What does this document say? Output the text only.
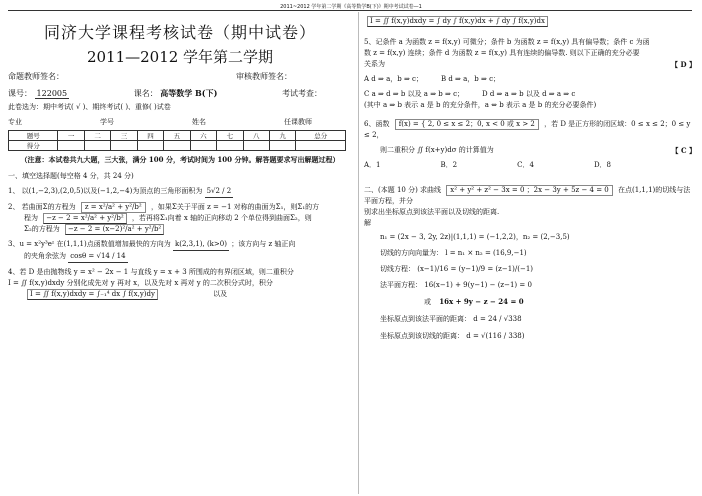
2011~2012 学年第二学期《高等数学B(下)》期中考试试卷—1
同济大学课程考核试卷（期中试卷）
2011—2012 学年第二学期
命题教师签名：	审核教师签名：
课号： 122005	课名： 高等数学 B(下)	考试考查：
此卷选为：期中考试( √ )、期终考试( )、重修( )试卷
专业	学号	姓名	任课教师
题号	一	二	三	四	五	六	七	八	九	总分
得分										
（注意：本试卷共九大题，三大张，满分 100 分，考试时间为 100 分钟。解答题要求写出解题过程）
一、填空选择题(每空格 4 分，共 24 分)
1、 以(1,−2,3),(2,0,5)以及(−1,2,−4)为顶点的三角形面积为 5√2 / 2
2、 若曲面Σ的方程为 z = x²/a² + y²/b² ，如果Σ关于平面 z = −1 对称的曲面为Σ₁，则Σ₁的方
程为 −z − 2 = x²/a² + y²/b² ，若再将Σ₁向着 x 轴的正向移动 2 个单位得到曲面Σ₂，则
Σ₂的方程为 −z − 2 = (x−2)²/a² + y²/b²
3、u = x²y³eᶻ 在(1,1,1)点函数值增加最快的方向为 k(2,3,1), (k>0) ；该方向与 z 轴正向
的夹角余弦为 cosθ = √14 / 14
4、若 D 是由抛物线 y = x² − 2x − 1 与直线 y = x + 3 所围成的有界闭区域，则二重积分
I = ∬ f(x,y)dxdy 分别化成先对 y 再对 x，以及先对 x 再对 y 的二次积分式时，积分
I = ∬ f(x,y)dxdy = ∫₋₁⁴ dx ∫ f(x,y)dy	以及
I = ∬ f(x,y)dxdy = ∫ dy ∫ f(x,y)dx + ∫ dy ∫ f(x,y)dx
5、记条件 a 为函数 z = f(x,y) 可微分；条件 b 为函数 z = f(x,y) 具有偏导数；条件 c 为函
数 z = f(x,y) 连续；条件 d 为函数 z = f(x,y) 具有连续的偏导数. 则以下正确的充分必要
关系为	【 D 】
A d ⇒ a，b ⇒ c；	B d ⇒ a，b ⇒ c；
C a ⇒ d ⇒ b 以及 a ⇒ b ⇒ c；	D d ⇒ a ⇒ b 以及 d ⇒ a ⇒ c
(其中 a ⇒ b 表示 a 是 b 的充分条件，a ⇔ b 表示 a 是 b 的充分必要条件)
6、函数 f(x) = { 2, 0 ≤ x ≤ 2；0, x < 0 或 x > 2 ，若 D 是正方形的闭区域：0 ≤ x ≤ 2；0 ≤ y ≤ 2，
则二重积分 ∬ f(x+y)dσ 的计算值为	【 C 】
A．1	B．2	C．4	D．8
二、(本题 10 分) 求曲线 x² + y² + z² − 3x = 0 ；2x − 3y + 5z − 4 = 0 在点(1,1,1)的切线与法平面方程，并分
别求出坐标原点到该法平面以及切线的距离.
解
n₁ = (2x − 3, 2y, 2z)|(1,1,1) = (−1,2,2)，n₂ = (2,−3,5)
切线的方向向量为： l = n₁ × n₂ = (16,9,−1)
切线方程： (x−1)/16 = (y−1)/9 = (z−1)/(−1)
法平面方程： 16(x−1) + 9(y−1) − (z−1) = 0
或 16x + 9y − z − 24 = 0
坐标原点到该法平面的距离： d = 24 / √338
坐标原点到该切线的距离： d = √(116 / 338)
